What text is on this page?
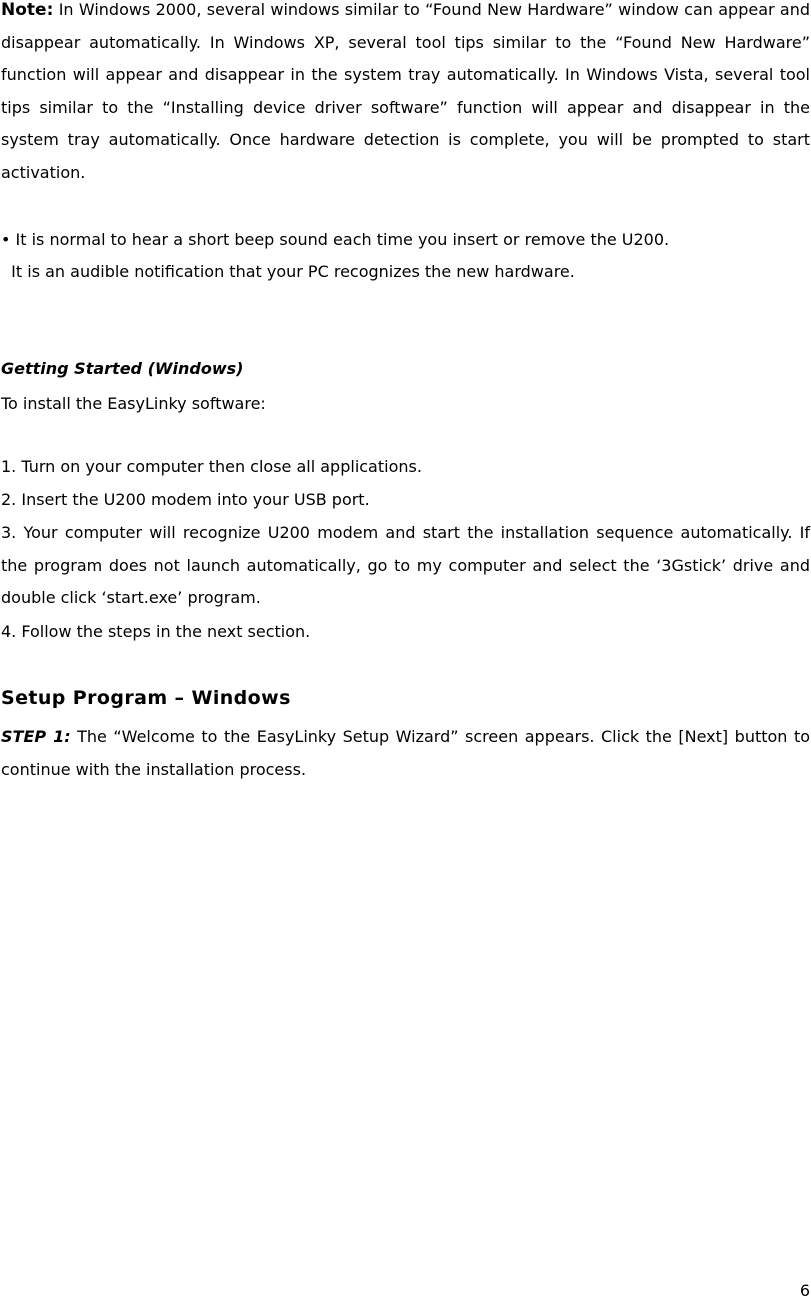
Note: In Windows 2000, several windows similar to “Found New Hardware” window can appear and disappear automatically. In Windows XP, several tool tips similar to the “Found New Hardware” function will appear and disappear in the system tray automatically. In Windows Vista, several tool tips similar to the “Installing device driver software” function will appear and disappear in the system tray automatically. Once hardware detection is complete, you will be prompted to start activation.

• It is normal to hear a short beep sound each time you insert or remove the U200.

It is an audible notification that your PC recognizes the new hardware.

Getting Started (Windows)

To install the EasyLinky software:

1. Turn on your computer then close all applications.

2. Insert the U200 modem into your USB port.

3. Your computer will recognize U200 modem and start the installation sequence automatically. If the program does not launch automatically, go to my computer and select the ‘3Gstick’ drive and double click ‘start.exe’ program.

4. Follow the steps in the next section.

Setup Program – Windows

STEP 1: The “Welcome to the EasyLinky Setup Wizard” screen appears. Click the [Next] button to continue with the installation process.

6
